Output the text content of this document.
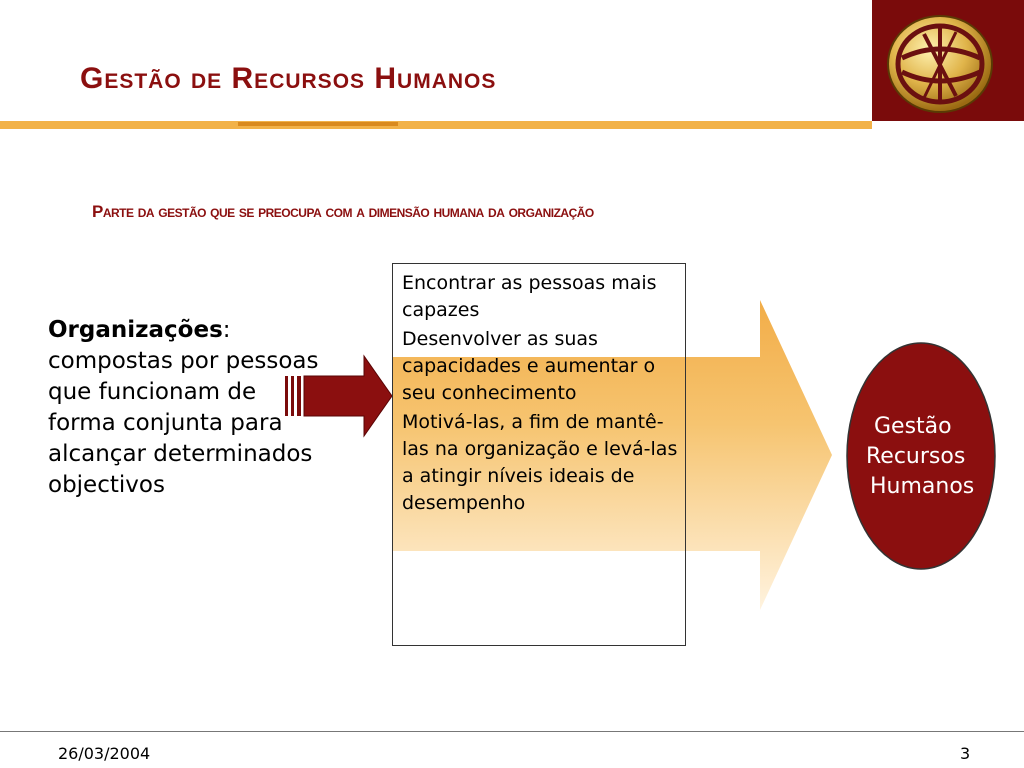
Gestão de Recursos Humanos
Parte da gestão que se preocupa com a dimensão humana da organização
Organizações: compostas por pessoas que funcionam de forma conjunta para alcançar determinados objectivos

Encontrar as pessoas mais capazes

Desenvolver as suas capacidades e aumentar o seu conhecimento

Motivá-las, a fim de mantê-las na organização e levá-las a atingir níveis ideais de desempenho

Gestão
Recursos
Humanos
26/03/2004	3
